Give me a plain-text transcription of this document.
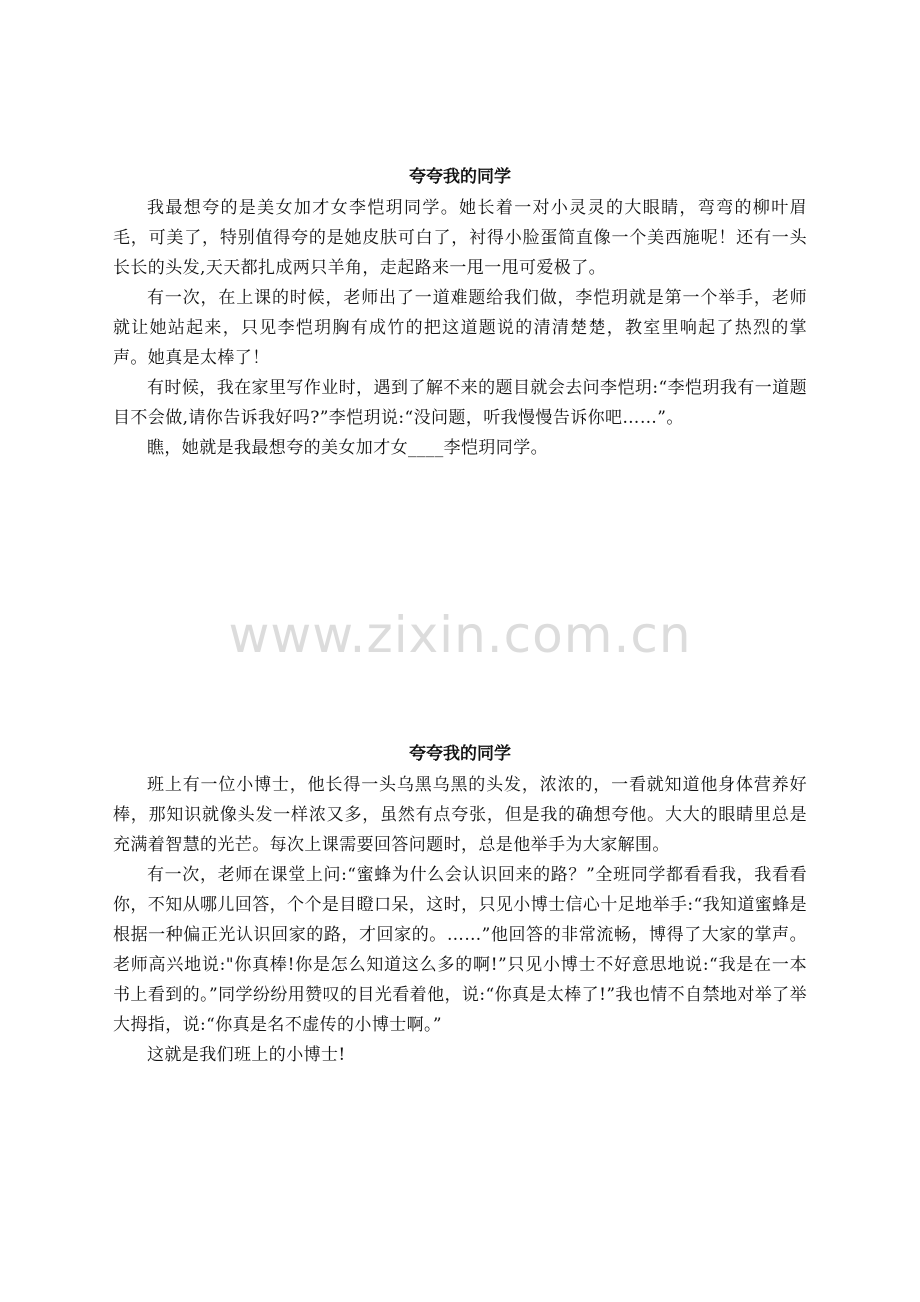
夸夸我的同学

我最想夸的是美女加才女李恺玥同学。她长着一对小灵灵的大眼睛，弯弯的柳叶眉毛，可美了，特别值得夸的是她皮肤可白了，衬得小脸蛋简直像一个美西施呢！还有一头长长的头发,天天都扎成两只羊角，走起路来一甩一甩可爱极了。

有一次，在上课的时候，老师出了一道难题给我们做，李恺玥就是第一个举手，老师就让她站起来，只见李恺玥胸有成竹的把这道题说的清清楚楚，教室里响起了热烈的掌声。她真是太棒了！

有时候，我在家里写作业时，遇到了解不来的题目就会去问李恺玥:“李恺玥我有一道题目不会做,请你告诉我好吗?”李恺玥说:“没问题，听我慢慢告诉你吧……”。

瞧，她就是我最想夸的美女加才女____李恺玥同学。

www.zixin.com.cn
夸夸我的同学

班上有一位小博士，他长得一头乌黑乌黑的头发，浓浓的，一看就知道他身体营养好棒，那知识就像头发一样浓又多，虽然有点夸张，但是我的确想夸他。大大的眼睛里总是充满着智慧的光芒。每次上课需要回答问题时，总是他举手为大家解围。

有一次，老师在课堂上问:“蜜蜂为什么会认识回来的路？”全班同学都看看我，我看看你，不知从哪儿回答，个个是目瞪口呆，这时，只见小博士信心十足地举手:“我知道蜜蜂是根据一种偏正光认识回家的路，才回家的。……”他回答的非常流畅，博得了大家的掌声。老师高兴地说:"你真棒!你是怎么知道这么多的啊!”只见小博士不好意思地说:“我是在一本书上看到的。”同学纷纷用赞叹的目光看着他，说:“你真是太棒了!”我也情不自禁地对举了举大拇指，说:“你真是名不虚传的小博士啊。”

这就是我们班上的小博士!
